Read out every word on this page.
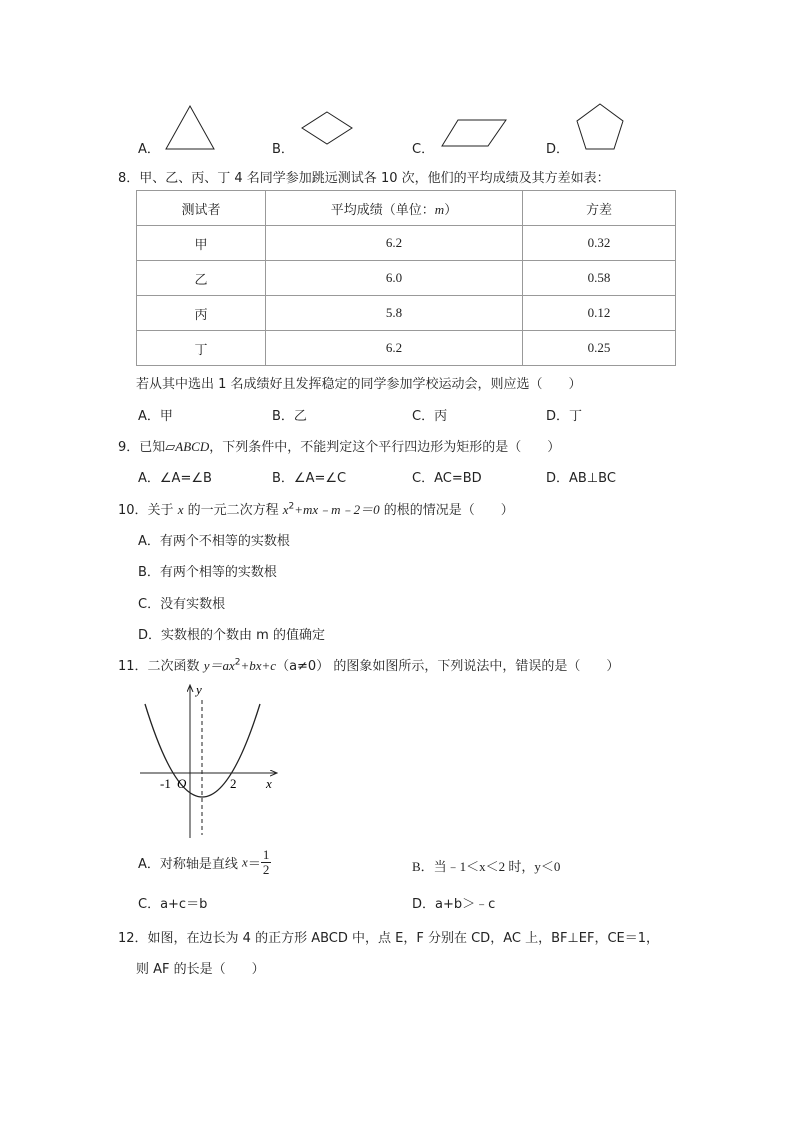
A．	B．	C．	D．
8．甲、乙、丙、丁 4 名同学参加跳远测试各 10 次，他们的平均成绩及其方差如表：
测试者	平均成绩（单位：m）	方差
甲	6.2	0.32
乙	6.0	0.58
丙	5.8	0.12
丁	6.2	0.25
若从其中选出 1 名成绩好且发挥稳定的同学参加学校运动会，则应选（　　）
A．甲	B．乙	C．丙	D．丁
9．已知▱ABCD，下列条件中，不能判定这个平行四边形为矩形的是（　　）
A．∠A=∠B	B．∠A=∠C	C．AC=BD	D．AB⊥BC
10．关于 x 的一元二次方程 $x^2+mx﹣m﹣2=0$ 的根的情况是（　　）
A．有两个不相等的实数根
B．有两个相等的实数根
C．没有实数根
D．实数根的个数由 m 的值确定
11．二次函数 $y=ax^2+bx+c(a\ne 0)$ 的图象如图所示，下列说法中，错误的是（　　）
y
x
O
-1	2
A．对称轴是直线 $x= \frac{1}{2}$	B．当﹣1＜x＜2 时，y＜0
C．a+c＝b	D．a+b＞﹣c
12．如图，在边长为 4 的正方形 ABCD 中，点 E，F 分别在 CD，AC 上，BF⊥EF，CE＝1，
则 AF 的长是（　　）
